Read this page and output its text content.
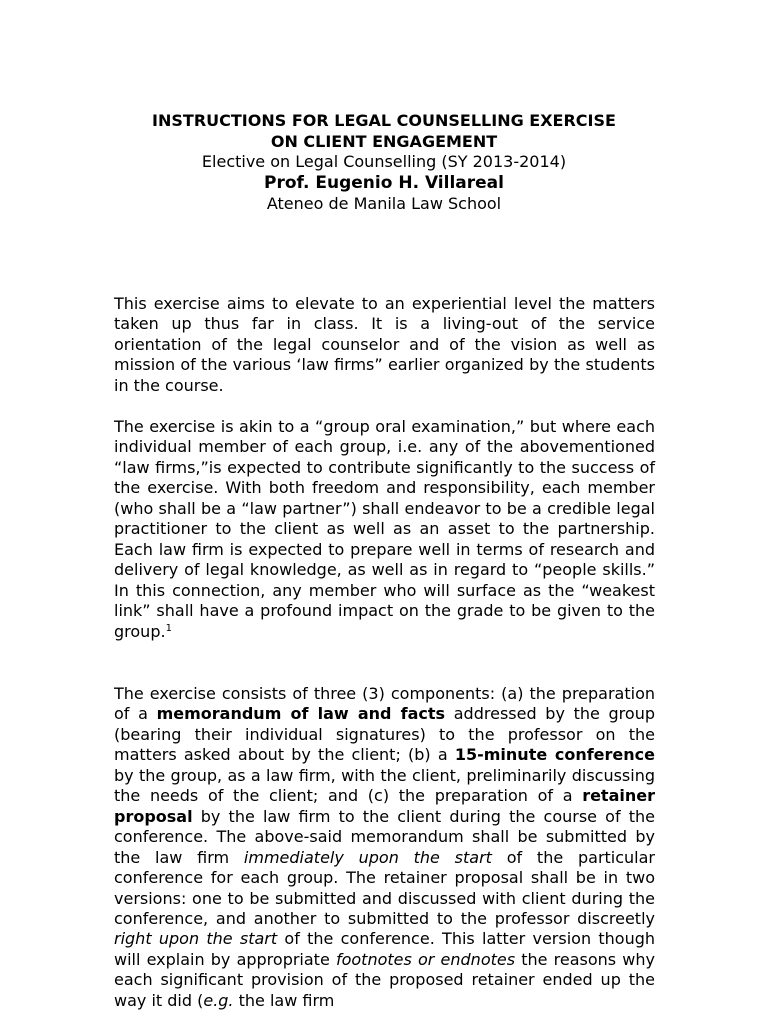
INSTRUCTIONS FOR LEGAL COUNSELLING EXERCISE
ON CLIENT ENGAGEMENT
Elective on Legal Counselling (SY 2013-2014)
Prof. Eugenio H. Villareal
Ateneo de Manila Law School

This exercise aims to elevate to an experiential level the matters taken up thus far in class. It is a living-out of the service orientation of the legal counselor and of the vision as well as mission of the various ‘law firms” earlier organized by the students in the course.

The exercise is akin to a “group oral examination,” but where each individual member of each group, i.e. any of the abovementioned “law firms,”is expected to contribute significantly to the success of the exercise. With both freedom and responsibility, each member (who shall be a “law partner”) shall endeavor to be a credible legal practitioner to the client as well as an asset to the partnership. Each law firm is expected to prepare well in terms of research and delivery of legal knowledge, as well as in regard to “people skills.” In this connection, any member who will surface as the “weakest link” shall have a profound impact on the grade to be given to the group.$^1$

The exercise consists of three (3) components: (a) the preparation of a memorandum of law and facts addressed by the group (bearing their individual signatures) to the professor on the matters asked about by the client; (b) a 15-minute conference by the group, as a law firm, with the client, preliminarily discussing the needs of the client; and (c) the preparation of a retainer proposal by the law firm to the client during the course of the conference. The above-said memorandum shall be submitted by the law firm immediately upon the start of the particular conference for each group. The retainer proposal shall be in two versions: one to be submitted and discussed with client during the conference, and another to submitted to the professor discreetly right upon the start of the conference. This latter version though will explain by appropriate footnotes or endnotes the reasons why each significant provision of the proposed retainer ended up the way it did (e.g. the law firm
